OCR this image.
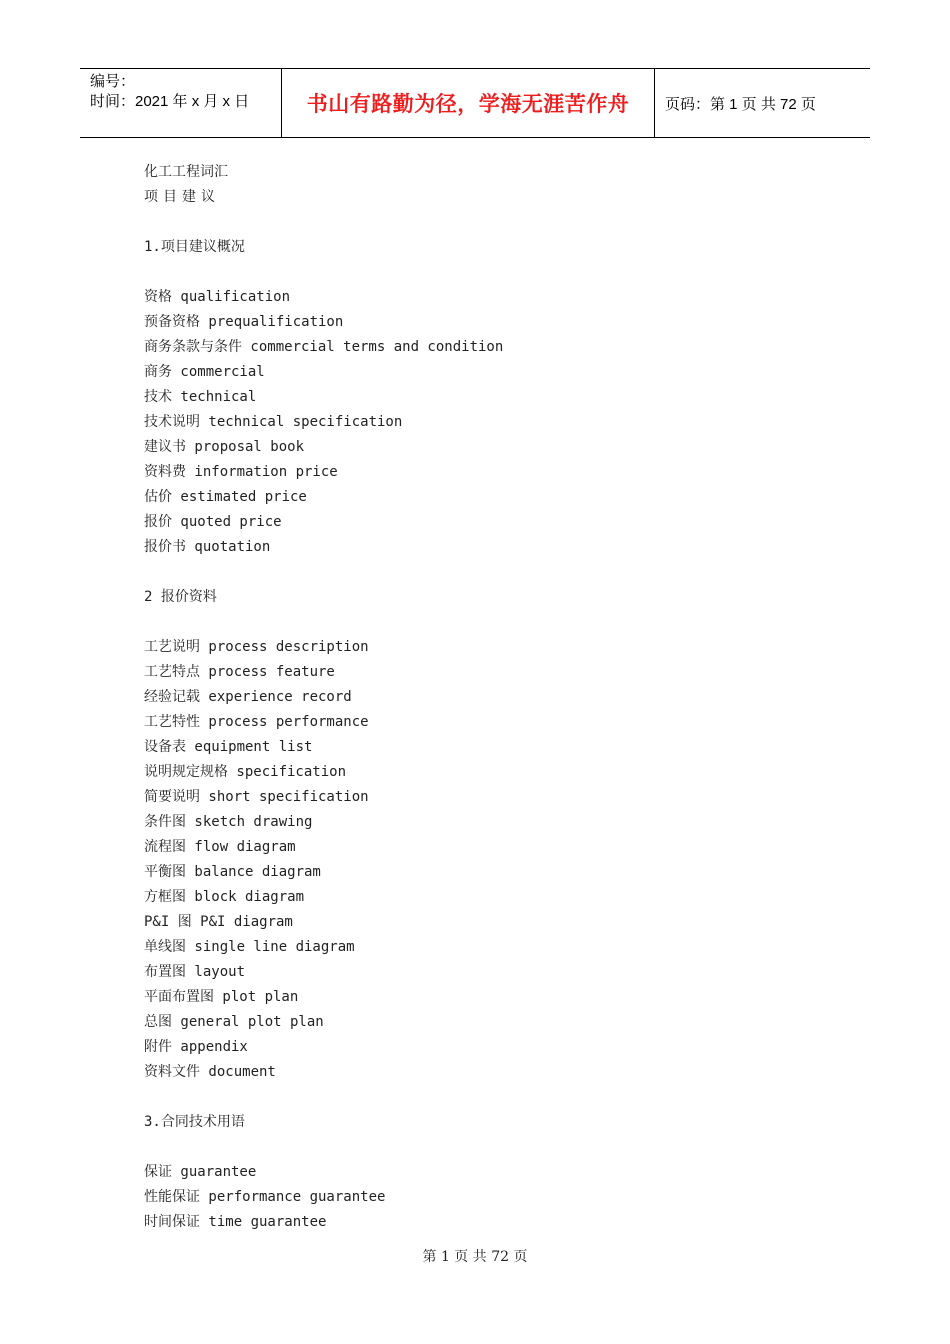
编号：
时间：2021 年 x 月 x 日	书山有路勤为径，学海无涯苦作舟 页码：第 1 页 共 72 页
化工工程词汇
项目建议
1.项目建议概况
资格 qualification
预备资格 prequalification
商务条款与条件 commercial terms and condition
商务 commercial
技术 technical
技术说明 technical specification
建议书 proposal book
资料费 information price
估价 estimated price
报价 quoted price
报价书 quotation
2 报价资料
工艺说明 process description
工艺特点 process feature
经验记载 experience record
工艺特性 process performance
设备表 equipment list
说明规定规格 specification
简要说明 short specification
条件图 sketch drawing
流程图 flow diagram
平衡图 balance diagram
方框图 block diagram
P&I 图 P&I diagram
单线图 single line diagram
布置图 layout
平面布置图 plot plan
总图 general plot plan
附件 appendix
资料文件 document
3.合同技术用语
保证 guarantee
性能保证 performance guarantee
时间保证 time guarantee
第 1 页 共 72 页
